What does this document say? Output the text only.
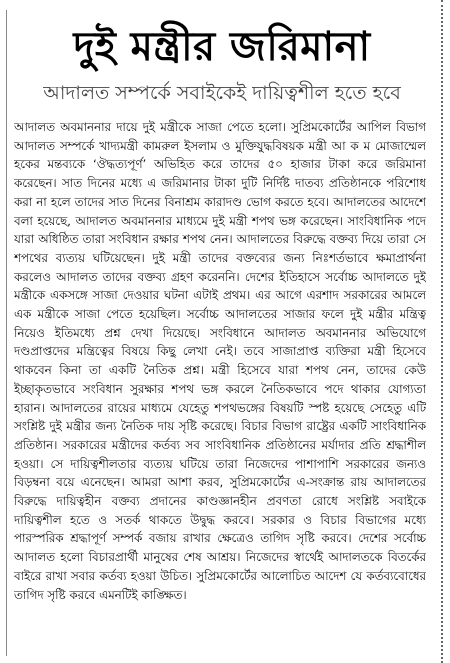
দুই মন্ত্রীর জরিমানা
আদালত সম্পর্কে সবাইকেই দায়িত্বশীল হতে হবে

আদালত অবমাননার দায়ে দুই মন্ত্রীকে সাজা পেতে হলো। সুপ্রিমকোর্টের আপিল বিভাগ আদালত সম্পর্কে খাদ্যমন্ত্রী কামরুল ইসলাম ও মুক্তিযুদ্ধবিষয়ক মন্ত্রী আ ক ম মোজাম্মেল হকের মন্তব্যকে ‘ঔদ্ধত্যপূর্ণ’ অভিহিত করে তাদের ৫০ হাজার টাকা করে জরিমানা করেছেন। সাত দিনের মধ্যে এ জরিমানার টাকা দুটি নির্দিষ্ট দাতব্য প্রতিষ্ঠানকে পরিশোধ করা না হলে তাদের সাত দিনের বিনাশ্রম কারাদণ্ড ভোগ করতে হবে। আদালতের আদেশে বলা হয়েছে, আদালত অবমাননার মাধ্যমে দুই মন্ত্রী শপথ ভঙ্গ করেছেন। সাংবিধানিক পদে যারা অধিষ্ঠিত তারা সংবিধান রক্ষার শপথ নেন। আদালতের বিরুদ্ধে বক্তব্য দিয়ে তারা সে শপথের ব্যত্যয় ঘটিয়েছেন। দুই মন্ত্রী তাদের বক্তব্যের জন্য নিঃশর্তভাবে ক্ষমাপ্রার্থনা করলেও আদালত তাদের বক্তব্য গ্রহণ করেননি। দেশের ইতিহাসে সর্বোচ্চ আদালতে দুই মন্ত্রীকে একসঙ্গে সাজা দেওয়ার ঘটনা এটাই প্রথম। এর আগে এরশাদ সরকারের আমলে এক মন্ত্রীকে সাজা পেতে হয়েছিল। সর্বোচ্চ আদালতের সাজার ফলে দুই মন্ত্রীর মন্ত্রিত্ব নিয়েও ইতিমধ্যে প্রশ্ন দেখা দিয়েছে। সংবিধানে আদালত অবমাননার অভিযোগে দণ্ডপ্রাপ্তদের মন্ত্রিত্বের বিষয়ে কিছু লেখা নেই। তবে সাজাপ্রাপ্ত ব্যক্তিরা মন্ত্রী হিসেবে থাকবেন কিনা তা একটি নৈতিক প্রশ্ন। মন্ত্রী হিসেবে যারা শপথ নেন, তাদের কেউ ইচ্ছাকৃতভাবে সংবিধান সুরক্ষার শপথ ভঙ্গ করলে নৈতিকভাবে পদে থাকার যোগ্যতা হারান। আদালতের রায়ের মাধ্যমে যেহেতু শপথভঙ্গের বিষয়টি স্পষ্ট হয়েছে সেহেতু এটি সংশ্লিষ্ট দুই মন্ত্রীর জন্য নৈতিক দায় সৃষ্টি করেছে। বিচার বিভাগ রাষ্ট্রের একটি সাংবিধানিক প্রতিষ্ঠান। সরকারের মন্ত্রীদের কর্তব্য সব সাংবিধানিক প্রতিষ্ঠানের মর্যাদার প্রতি শ্রদ্ধাশীল হওয়া। সে দায়িত্বশীলতার ব্যত্যয় ঘটিয়ে তারা নিজেদের পাশাপাশি সরকারের জন্যও বিড়ম্বনা বয়ে এনেছেন। আমরা আশা করব, সুপ্রিমকোর্টের এ-সংক্রান্ত রায় আদালতের বিরুদ্ধে দায়িত্বহীন বক্তব্য প্রদানের কাণ্ডজ্ঞানহীন প্রবণতা রোধে সংশ্লিষ্ট সবাইকে দায়িত্বশীল হতে ও সতর্ক থাকতে উদ্বুদ্ধ করবে। সরকার ও বিচার বিভাগের মধ্যে পারস্পরিক শ্রদ্ধাপূর্ণ সম্পর্ক বজায় রাখার ক্ষেত্রেও তাগিদ সৃষ্টি করবে। দেশের সর্বোচ্চ আদালত হলো বিচারপ্রার্থী মানুষের শেষ আশ্রয়। নিজেদের স্বার্থেই আদালতকে বিতর্কের বাইরে রাখা সবার কর্তব্য হওয়া উচিত। সুপ্রিমকোর্টের আলোচিত আদেশ যে কর্তব্যবোধের তাগিদ সৃষ্টি করবে এমনটিই কাঙ্ক্ষিত।
